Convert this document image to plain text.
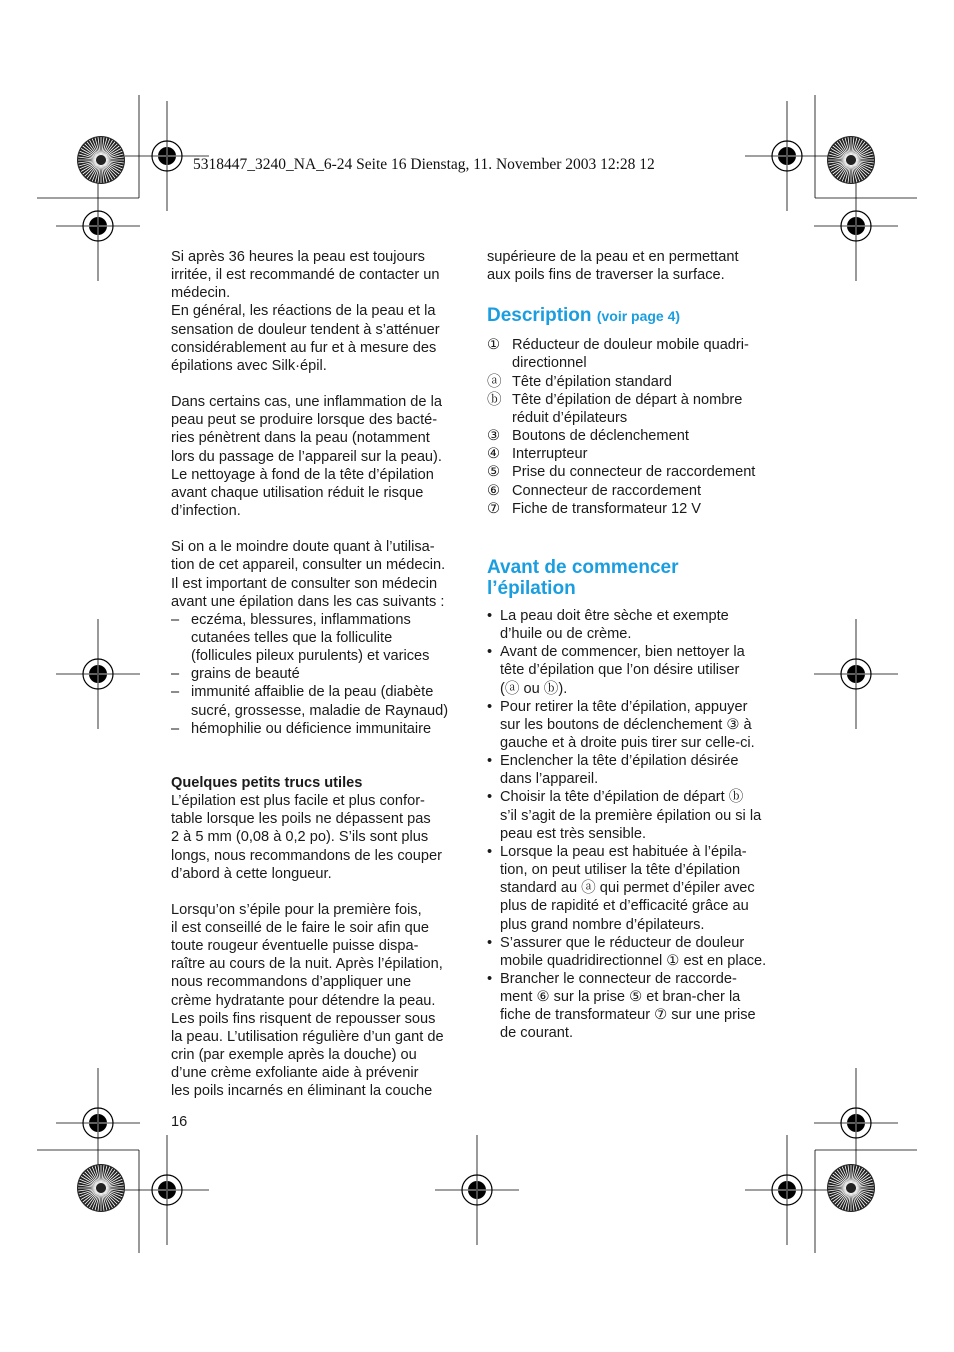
5318447_3240_NA_6-24 Seite 16 Dienstag, 11. November 2003 12:28 12
Si après 36 heures la peau est toujours
irritée, il est recommandé de contacter un
médecin.
En général, les réactions de la peau et la
sensation de douleur tendent à s’atténuer
considérablement au fur et à mesure des
épilations avec Silk·épil.
Dans certains cas, une inflammation de la
peau peut se produire lorsque des bacté-
ries pénètrent dans la peau (notamment
lors du passage de l’appareil sur la peau).
Le nettoyage à fond de la tête d’épilation
avant chaque utilisation réduit le risque
d’infection.
Si on a le moindre doute quant à l’utilisa-
tion de cet appareil, consulter un médecin.
Il est important de consulter son médecin
avant une épilation dans les cas suivants :
– eczéma, blessures, inflammations
cutanées telles que la folliculite
(follicules pileux purulents) et varices
– grains de beauté
– immunité affaiblie de la peau (diabète
sucré, grossesse, maladie de Raynaud)
– hémophilie ou déficience immunitaire
Quelques petits trucs utiles
L’épilation est plus facile et plus confor-
table lorsque les poils ne dépassent pas
2 à 5 mm (0,08 à 0,2 po). S’ils sont plus
longs, nous recommandons de les couper
d’abord à cette longueur.
Lorsqu’on s’épile pour la première fois,
il est conseillé de le faire le soir afin que
toute rougeur éventuelle puisse dispa-
raître au cours de la nuit. Après l’épilation,
nous recommandons d’appliquer une
crème hydratante pour détendre la peau.
Les poils fins risquent de repousser sous
la peau. L’utilisation régulière d’un gant de
crin (par exemple après la douche) ou
d’une crème exfoliante aide à prévenir
les poils incarnés en éliminant la couche
supérieure de la peau et en permettant
aux poils fins de traverser la surface.
Description (voir page 4)
① Réducteur de douleur mobile quadri-
directionnel
ⓐ Tête d’épilation standard
ⓑ Tête d’épilation de départ à nombre
réduit d’épilateurs
③ Boutons de déclenchement
④ Interrupteur
⑤ Prise du connecteur de raccordement
⑥ Connecteur de raccordement
⑦ Fiche de transformateur 12 V
Avant de commencer
l’épilation
• La peau doit être sèche et exempte
d’huile ou de crème.
• Avant de commencer, bien nettoyer la
tête d’épilation que l’on désire utiliser
(ⓐ ou ⓑ).
• Pour retirer la tête d’épilation, appuyer
sur les boutons de déclenchement ③ à
gauche et à droite puis tirer sur celle-ci.
• Enclencher la tête d’épilation désirée
dans l’appareil.
• Choisir la tête d’épilation de départ ⓑ
s’il s’agit de la première épilation ou si la
peau est très sensible.
• Lorsque la peau est habituée à l’épila-
tion, on peut utiliser la tête d’épilation
standard au ⓐ qui permet d’épiler avec
plus de rapidité et d’efficacité grâce au
plus grand nombre d’épilateurs.
• S’assurer que le réducteur de douleur
mobile quadridirectionnel ① est en place.
• Brancher le connecteur de raccorde-
ment ⑥ sur la prise ⑤ et bran-cher la
fiche de transformateur ⑦ sur une prise
de courant.
16
